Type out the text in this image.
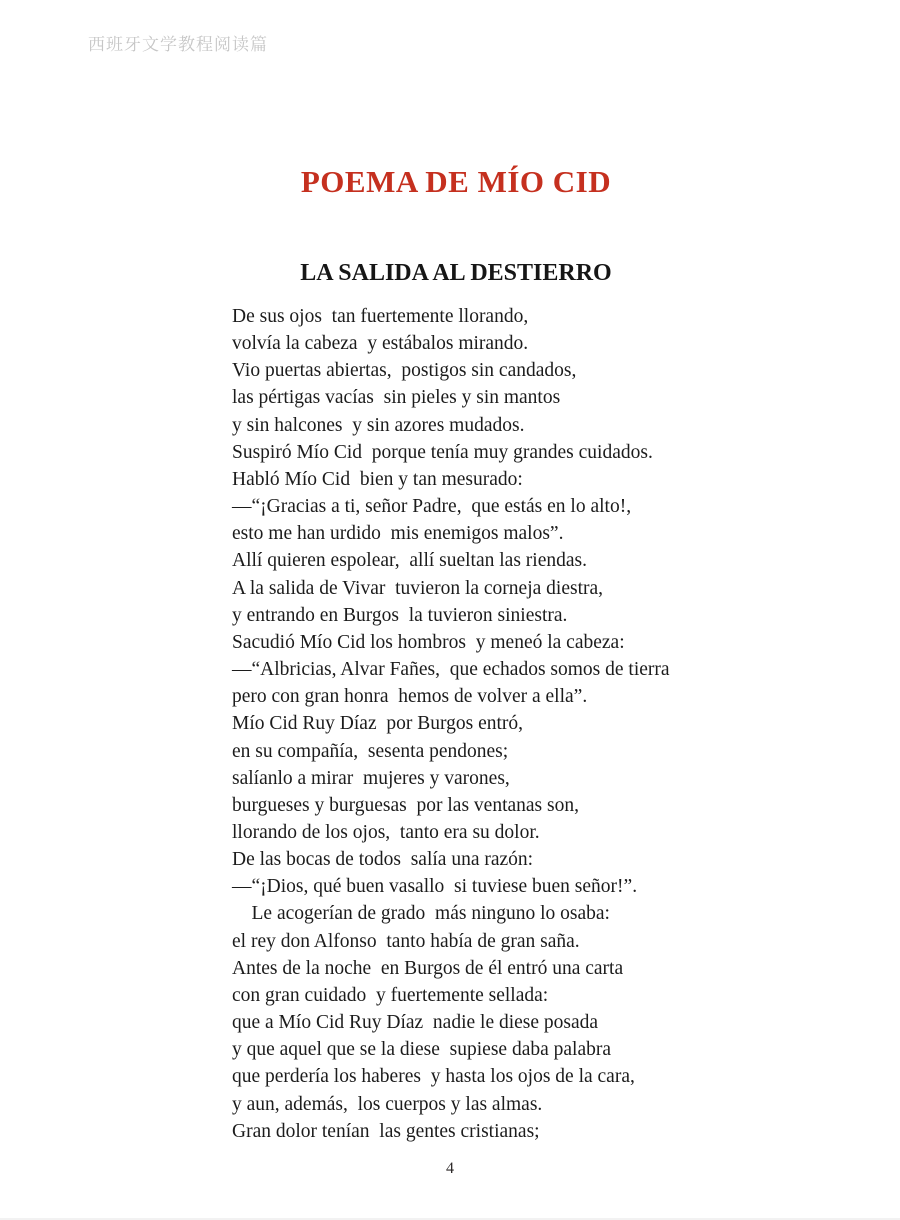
西班牙文学教程阅读篇
POEMA DE MÍO CID
LA SALIDA AL DESTIERRO
De sus ojos  tan fuertemente llorando,
volvía la cabeza  y estábalos mirando.
Vio puertas abiertas,  postigos sin candados,
las pértigas vacías  sin pieles y sin mantos
y sin halcones  y sin azores mudados.
Suspiró Mío Cid  porque tenía muy grandes cuidados.
Habló Mío Cid  bien y tan mesurado:
—“¡Gracias a ti, señor Padre,  que estás en lo alto!,
esto me han urdido  mis enemigos malos”.
Allí quieren espolear,  allí sueltan las riendas.
A la salida de Vivar  tuvieron la corneja diestra,
y entrando en Burgos  la tuvieron siniestra.
Sacudió Mío Cid los hombros  y meneó la cabeza:
—“Albricias, Alvar Fañes,  que echados somos de tierra
pero con gran honra  hemos de volver a ella”.
Mío Cid Ruy Díaz  por Burgos entró,
en su compañía,  sesenta pendones;
salíanlo a mirar  mujeres y varones,
burgueses y burguesas  por las ventanas son,
llorando de los ojos,  tanto era su dolor.
De las bocas de todos  salía una razón:
—“¡Dios, qué buen vasallo  si tuviese buen señor!”.
Le acogerían de grado  más ninguno lo osaba:
el rey don Alfonso  tanto había de gran saña.
Antes de la noche  en Burgos de él entró una carta
con gran cuidado  y fuertemente sellada:
que a Mío Cid Ruy Díaz  nadie le diese posada
y que aquel que se la diese  supiese daba palabra
que perdería los haberes  y hasta los ojos de la cara,
y aun, además,  los cuerpos y las almas.
Gran dolor tenían  las gentes cristianas;
4
